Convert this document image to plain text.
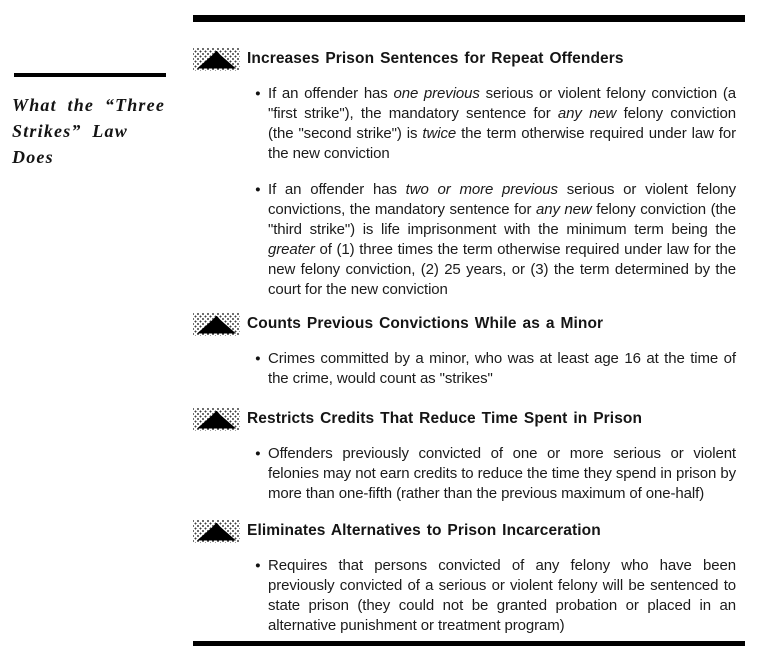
What the “Three
Strikes” Law Does
Increases Prison Sentences for Repeat Offenders
● If an offender has one previous serious or violent felony conviction (a "first strike"), the mandatory sentence for any new felony conviction (the "second strike") is twice the term otherwise required under law for the new conviction

● If an offender has two or more previous serious or violent felony convictions, the mandatory sentence for any new felony conviction (the "third strike") is life imprisonment with the minimum term being the greater of (1) three times the term otherwise required under law for the new felony conviction, (2) 25 years, or (3) the term determined by the court for the new conviction

Counts Previous Convictions While as a Minor
● Crimes committed by a minor, who was at least age 16 at the time of the crime, would count as "strikes"

Restricts Credits That Reduce Time Spent in Prison
● Offenders previously convicted of one or more serious or violent felonies may not earn credits to reduce the time they spend in prison by more than one-fifth (rather than the previous maximum of one-half)

Eliminates Alternatives to Prison Incarceration
● Requires that persons convicted of any felony who have been previously convicted of a serious or violent felony will be sentenced to state prison (they could not be granted probation or placed in an alternative punishment or treatment program)
